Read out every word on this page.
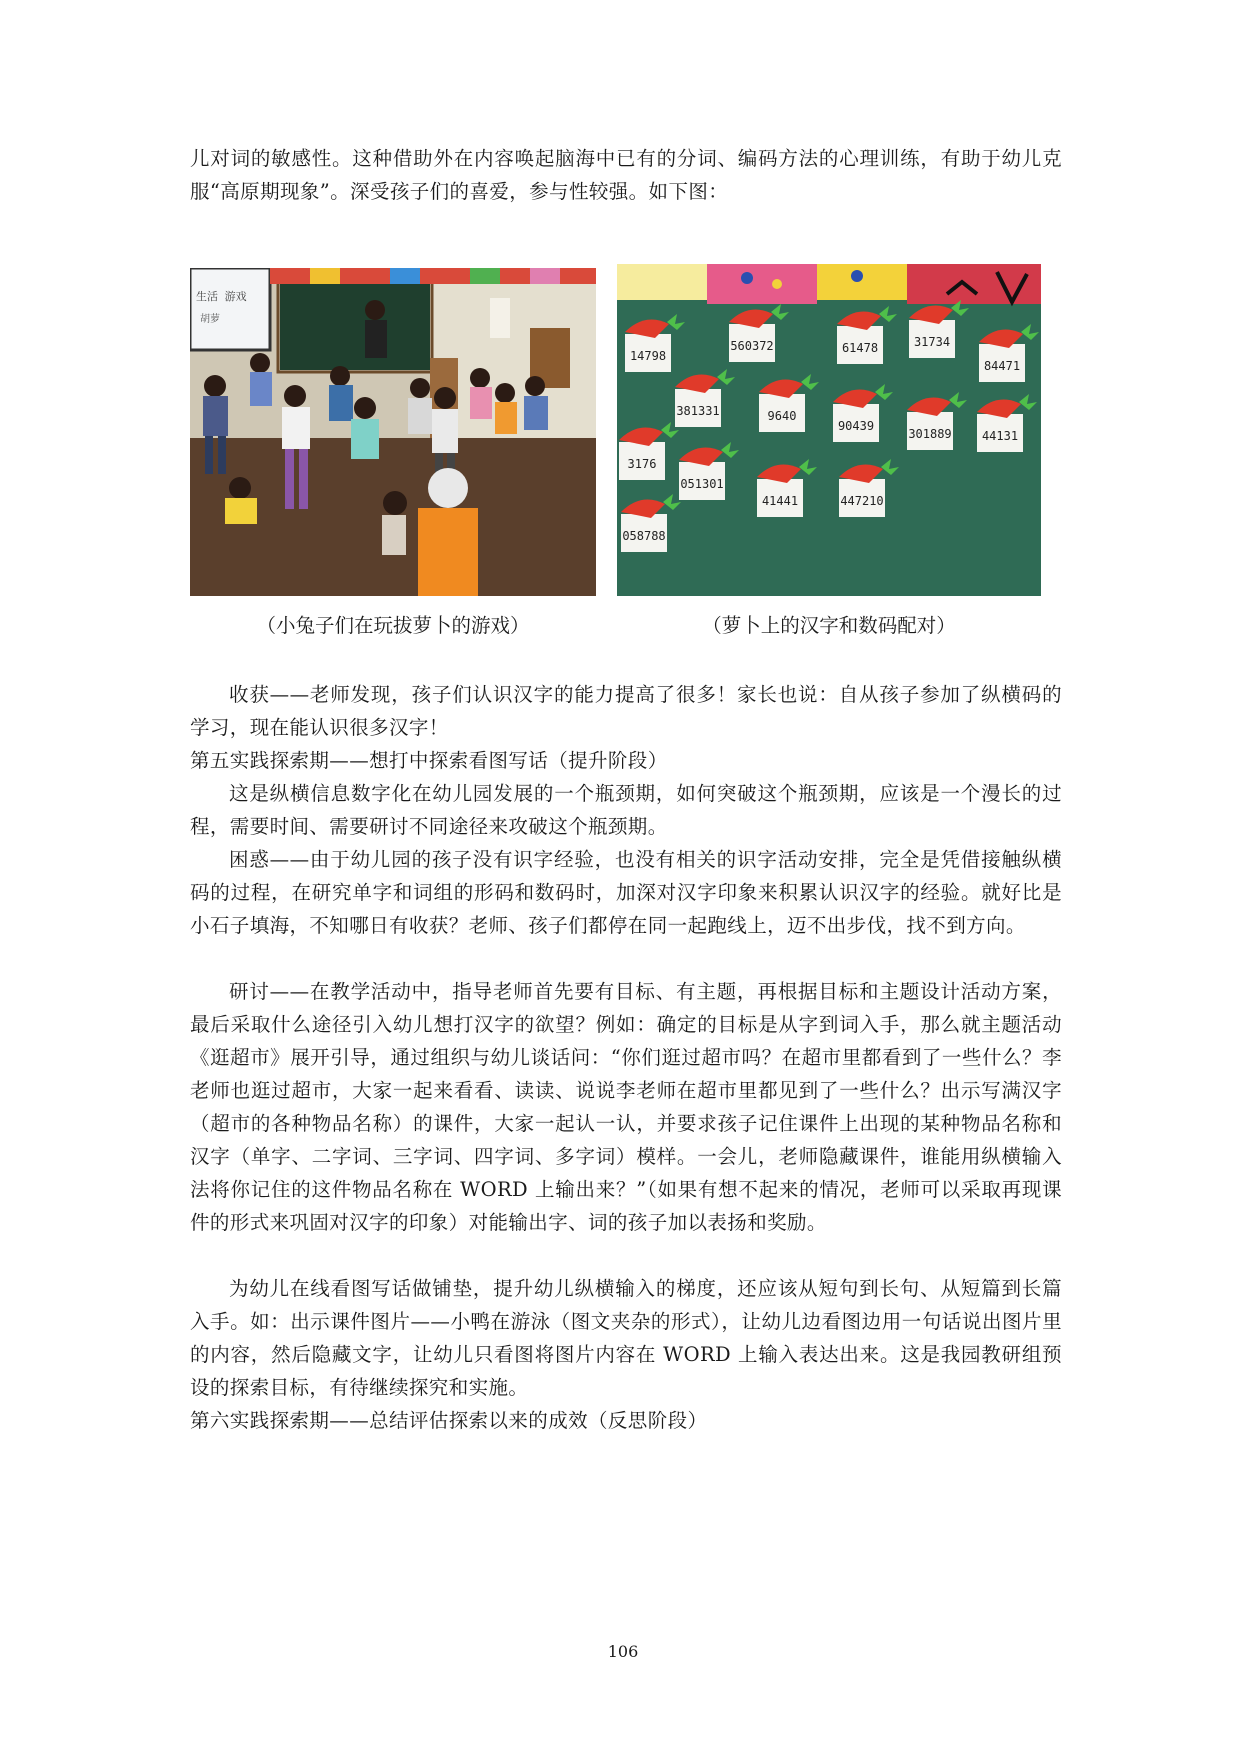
儿对词的敏感性。这种借助外在内容唤起脑海中已有的分词、编码方法的心理训练，有助于幼儿克服“高原期现象”。深受孩子们的喜爱，参与性较强。如下图：

生活 游戏
胡萝
14798
560372	61478	31734
84471
381331	9640
90439
301889	44131
3176
051301
41441	447210
058788
（小兔子们在玩拔萝卜的游戏）	（萝卜上的汉字和数码配对）

收获——老师发现，孩子们认识汉字的能力提高了很多！家长也说：自从孩子参加了纵横码的学习，现在能认识很多汉字！

第五实践探索期——想打中探索看图写话（提升阶段）

这是纵横信息数字化在幼儿园发展的一个瓶颈期，如何突破这个瓶颈期，应该是一个漫长的过程，需要时间、需要研讨不同途径来攻破这个瓶颈期。

困惑——由于幼儿园的孩子没有识字经验，也没有相关的识字活动安排，完全是凭借接触纵横码的过程，在研究单字和词组的形码和数码时，加深对汉字印象来积累认识汉字的经验。就好比是小石子填海，不知哪日有收获？老师、孩子们都停在同一起跑线上，迈不出步伐，找不到方向。

研讨——在教学活动中，指导老师首先要有目标、有主题，再根据目标和主题设计活动方案，最后采取什么途径引入幼儿想打汉字的欲望？例如：确定的目标是从字到词入手，那么就主题活动《逛超市》展开引导，通过组织与幼儿谈话问：“你们逛过超市吗？在超市里都看到了一些什么？李老师也逛过超市，大家一起来看看、读读、说说李老师在超市里都见到了一些什么？出示写满汉字（超市的各种物品名称）的课件，大家一起认一认，并要求孩子记住课件上出现的某种物品名称和汉字（单字、二字词、三字词、四字词、多字词）模样。一会儿，老师隐藏课件，谁能用纵横输入法将你记住的这件物品名称在 WORD 上输出来？”（如果有想不起来的情况，老师可以采取再现课件的形式来巩固对汉字的印象）对能输出字、词的孩子加以表扬和奖励。

为幼儿在线看图写话做铺垫，提升幼儿纵横输入的梯度，还应该从短句到长句、从短篇到长篇入手。如：出示课件图片——小鸭在游泳（图文夹杂的形式），让幼儿边看图边用一句话说出图片里的内容，然后隐藏文字，让幼儿只看图将图片内容在 WORD 上输入表达出来。这是我园教研组预设的探索目标，有待继续探究和实施。

第六实践探索期——总结评估探索以来的成效（反思阶段）

106
